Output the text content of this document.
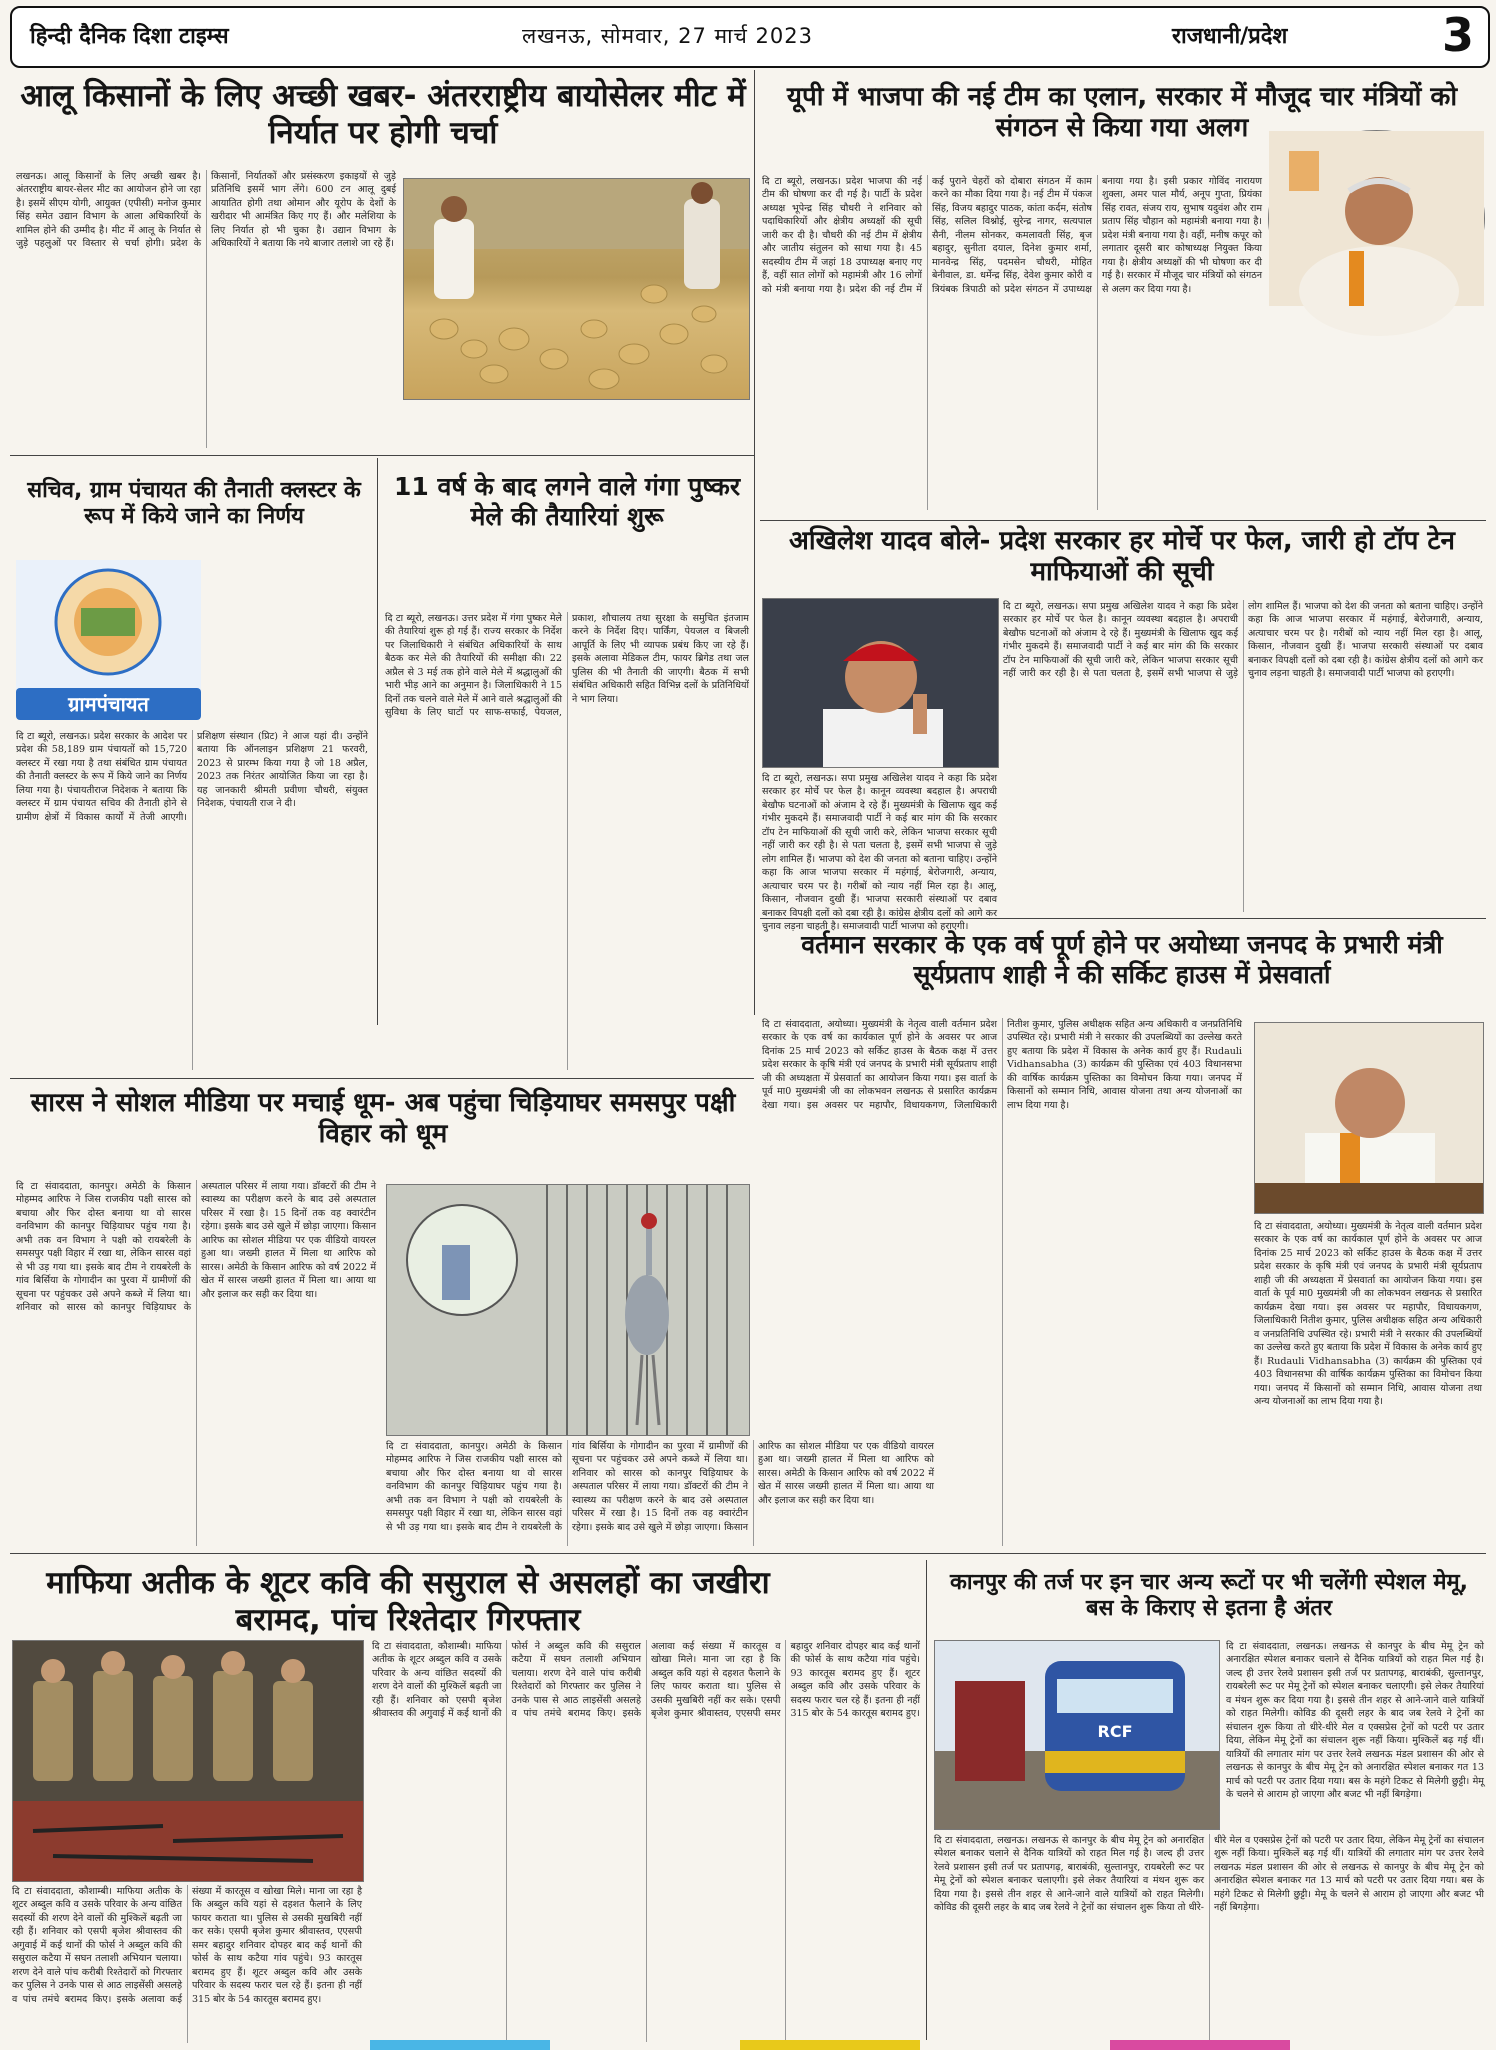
हिन्दी दैनिक दिशा टाइम्स	लखनऊ, सोमवार, 27 मार्च 2023	राजधानी/प्रदेश	3
आलू किसानों के लिए अच्छी खबर- अंतरराष्ट्रीय बायोसेलर मीट में निर्यात पर होगी चर्चा
लखनऊ। आलू किसानों के लिए अच्छी खबर है। अंतरराष्ट्रीय बायर-सेलर मीट का आयोजन होने जा रहा है। इसमें सीएम योगी, आयुक्त (एपीसी) मनोज कुमार सिंह समेत उद्यान विभाग के आला अधिकारियों के शामिल होने की उम्मीद है। मीट में आलू के निर्यात से जुड़े पहलुओं पर विस्तार से चर्चा होगी। प्रदेश के किसानों, निर्यातकों और प्रसंस्करण इकाइयों से जुड़े प्रतिनिधि इसमें भाग लेंगे। 600 टन आलू दुबई आयातित होगी तथा ओमान और यूरोप के देशों के खरीदार भी आमंत्रित किए गए हैं। और मलेशिया के लिए निर्यात हो भी चुका है। उद्यान विभाग के अधिकारियों ने बताया कि नये बाजार तलाशे जा रहे हैं।
सचिव, ग्राम पंचायत की तैनाती क्लस्टर के रूप में किये जाने का निर्णय
ग्रामपंचायत
दि टा ब्यूरो, लखनऊ। प्रदेश सरकार के आदेश पर प्रदेश की 58,189 ग्राम पंचायतों को 15,720 क्लस्टर में रखा गया है तथा संबंधित ग्राम पंचायत की तैनाती क्लस्टर के रूप में किये जाने का निर्णय लिया गया है। पंचायतीराज निदेशक ने बताया कि क्लस्टर में ग्राम पंचायत सचिव की तैनाती होने से ग्रामीण क्षेत्रों में विकास कार्यों में तेजी आएगी। प्रशिक्षण संस्थान (प्रिट) ने आज यहां दी। उन्होंने बताया कि ऑनलाइन प्रशिक्षण 21 फरवरी, 2023 से प्रारम्भ किया गया है जो 18 अप्रैल, 2023 तक निरंतर आयोजित किया जा रहा है। यह जानकारी श्रीमती प्रवीणा चौधरी, संयुक्त निदेशक, पंचायती राज ने दी।
11 वर्ष के बाद लगने वाले गंगा पुष्कर मेले की तैयारियां शुरू
दि टा ब्यूरो, लखनऊ। उत्तर प्रदेश में गंगा पुष्कर मेले की तैयारियां शुरू हो गई हैं। राज्य सरकार के निर्देश पर जिलाधिकारी ने संबंधित अधिकारियों के साथ बैठक कर मेले की तैयारियों की समीक्षा की। 22 अप्रैल से 3 मई तक होने वाले मेले में श्रद्धालुओं की भारी भीड़ आने का अनुमान है। जिलाधिकारी ने 15 दिनों तक चलने वाले मेले में आने वाले श्रद्धालुओं की सुविधा के लिए घाटों पर साफ-सफाई, पेयजल, प्रकाश, शौचालय तथा सुरक्षा के समुचित इंतजाम करने के निर्देश दिए। पार्किंग, पेयजल व बिजली आपूर्ति के लिए भी व्यापक प्रबंध किए जा रहे हैं। इसके अलावा मेडिकल टीम, फायर ब्रिगेड तथा जल पुलिस की भी तैनाती की जाएगी। बैठक में सभी संबंधित अधिकारी सहित विभिन्न दलों के प्रतिनिधियों ने भाग लिया।
यूपी में भाजपा की नई टीम का एलान, सरकार में मौजूद चार मंत्रियों को संगठन से किया गया अलग
दि टा ब्यूरो, लखनऊ। प्रदेश भाजपा की नई टीम की घोषणा कर दी गई है। पार्टी के प्रदेश अध्यक्ष भूपेन्द्र सिंह चौधरी ने शनिवार को पदाधिकारियों और क्षेत्रीय अध्यक्षों की सूची जारी कर दी है। चौधरी की नई टीम में क्षेत्रीय और जातीय संतुलन को साधा गया है। 45 सदस्यीय टीम में जहां 18 उपाध्यक्ष बनाए गए हैं, वहीं सात लोगों को महामंत्री और 16 लोगों को मंत्री बनाया गया है। प्रदेश की नई टीम में कई पुराने चेहरों को दोबारा संगठन में काम करने का मौका दिया गया है। नई टीम में पंकज सिंह, विजय बहादुर पाठक, कांता कर्दम, संतोष सिंह, सलिल विश्नोई, सुरेन्द्र नागर, सत्यपाल सैनी, नीलम सोनकर, कमलावती सिंह, बृज बहादुर, सुनीता दयाल, दिनेश कुमार शर्मा, मानवेन्द्र सिंह, पदमसेन चौधरी, मोहित बेनीवाल, डा. धर्मेन्द्र सिंह, देवेश कुमार कोरी व त्रियंबक त्रिपाठी को प्रदेश संगठन में उपाध्यक्ष बनाया गया है। इसी प्रकार गोविंद नारायण शुक्ला, अमर पाल मौर्य, अनूप गुप्ता, प्रियंका सिंह रावत, संजय राय, सुभाष यदुवंश और राम प्रताप सिंह चौहान को महामंत्री बनाया गया है। प्रदेश मंत्री बनाया गया है। वहीं, मनीष कपूर को लगातार दूसरी बार कोषाध्यक्ष नियुक्त किया गया है। क्षेत्रीय अध्यक्षों की भी घोषणा कर दी गई है। सरकार में मौजूद चार मंत्रियों को संगठन से अलग कर दिया गया है।
अखिलेश यादव बोले- प्रदेश सरकार हर मोर्चे पर फेल, जारी हो टॉप टेन माफियाओं की सूची
दि टा ब्यूरो, लखनऊ। सपा प्रमुख अखिलेश यादव ने कहा कि प्रदेश सरकार हर मोर्चे पर फेल है। कानून व्यवस्था बदहाल है। अपराधी बेखौफ घटनाओं को अंजाम दे रहे हैं। मुख्यमंत्री के खिलाफ खुद कई गंभीर मुकदमे हैं। समाजवादी पार्टी ने कई बार मांग की कि सरकार टॉप टेन माफियाओं की सूची जारी करे, लेकिन भाजपा सरकार सूची नहीं जारी कर रही है। से पता चलता है, इसमें सभी भाजपा से जुड़े लोग शामिल हैं। भाजपा को देश की जनता को बताना चाहिए। उन्होंने कहा कि आज भाजपा सरकार में महंगाई, बेरोजगारी, अन्याय, अत्याचार चरम पर है। गरीबों को न्याय नहीं मिल रहा है। आलू, किसान, नौजवान दुखी हैं। भाजपा सरकारी संस्थाओं पर दबाव बनाकर विपक्षी दलों को दबा रही है। कांग्रेस क्षेत्रीय दलों को आगे कर चुनाव लड़ना चाहती है। समाजवादी पार्टी भाजपा को हराएगी।
दि टा ब्यूरो, लखनऊ। सपा प्रमुख अखिलेश यादव ने कहा कि प्रदेश सरकार हर मोर्चे पर फेल है। कानून व्यवस्था बदहाल है। अपराधी बेखौफ घटनाओं को अंजाम दे रहे हैं। मुख्यमंत्री के खिलाफ खुद कई गंभीर मुकदमे हैं। समाजवादी पार्टी ने कई बार मांग की कि सरकार टॉप टेन माफियाओं की सूची जारी करे, लेकिन भाजपा सरकार सूची नहीं जारी कर रही है। से पता चलता है, इसमें सभी भाजपा से जुड़े लोग शामिल हैं। भाजपा को देश की जनता को बताना चाहिए। उन्होंने कहा कि आज भाजपा सरकार में महंगाई, बेरोजगारी, अन्याय, अत्याचार चरम पर है। गरीबों को न्याय नहीं मिल रहा है। आलू, किसान, नौजवान दुखी हैं। भाजपा सरकारी संस्थाओं पर दबाव बनाकर विपक्षी दलों को दबा रही है। कांग्रेस क्षेत्रीय दलों को आगे कर चुनाव लड़ना चाहती है। समाजवादी पार्टी भाजपा को हराएगी।
वर्तमान सरकार के एक वर्ष पूर्ण होने पर अयोध्या जनपद के प्रभारी मंत्री सूर्यप्रताप शाही ने की सर्किट हाउस में प्रेसवार्ता
दि टा संवाददाता, अयोध्या। मुख्यमंत्री के नेतृत्व वाली वर्तमान प्रदेश सरकार के एक वर्ष का कार्यकाल पूर्ण होने के अवसर पर आज दिनांक 25 मार्च 2023 को सर्किट हाउस के बैठक कक्ष में उत्तर प्रदेश सरकार के कृषि मंत्री एवं जनपद के प्रभारी मंत्री सूर्यप्रताप शाही जी की अध्यक्षता में प्रेसवार्ता का आयोजन किया गया। इस वार्ता के पूर्व मा0 मुख्यमंत्री जी का लोकभवन लखनऊ से प्रसारित कार्यक्रम देखा गया। इस अवसर पर महापौर, विधायकगण, जिलाधिकारी नितीश कुमार, पुलिस अधीक्षक सहित अन्य अधिकारी व जनप्रतिनिधि उपस्थित रहे। प्रभारी मंत्री ने सरकार की उपलब्धियों का उल्लेख करते हुए बताया कि प्रदेश में विकास के अनेक कार्य हुए हैं। Rudauli Vidhansabha (3) कार्यक्रम की पुस्तिका एवं 403 विधानसभा की वार्षिक कार्यक्रम पुस्तिका का विमोचन किया गया। जनपद में किसानों को सम्मान निधि, आवास योजना तथा अन्य योजनाओं का लाभ दिया गया है।
दि टा संवाददाता, अयोध्या। मुख्यमंत्री के नेतृत्व वाली वर्तमान प्रदेश सरकार के एक वर्ष का कार्यकाल पूर्ण होने के अवसर पर आज दिनांक 25 मार्च 2023 को सर्किट हाउस के बैठक कक्ष में उत्तर प्रदेश सरकार के कृषि मंत्री एवं जनपद के प्रभारी मंत्री सूर्यप्रताप शाही जी की अध्यक्षता में प्रेसवार्ता का आयोजन किया गया। इस वार्ता के पूर्व मा0 मुख्यमंत्री जी का लोकभवन लखनऊ से प्रसारित कार्यक्रम देखा गया। इस अवसर पर महापौर, विधायकगण, जिलाधिकारी नितीश कुमार, पुलिस अधीक्षक सहित अन्य अधिकारी व जनप्रतिनिधि उपस्थित रहे। प्रभारी मंत्री ने सरकार की उपलब्धियों का उल्लेख करते हुए बताया कि प्रदेश में विकास के अनेक कार्य हुए हैं। Rudauli Vidhansabha (3) कार्यक्रम की पुस्तिका एवं 403 विधानसभा की वार्षिक कार्यक्रम पुस्तिका का विमोचन किया गया। जनपद में किसानों को सम्मान निधि, आवास योजना तथा अन्य योजनाओं का लाभ दिया गया है।
सारस ने सोशल मीडिया पर मचाई धूम- अब पहुंचा चिड़ियाघर समसपुर पक्षी विहार को धूम
दि टा संवाददाता, कानपुर। अमेठी के किसान मोहम्मद आरिफ ने जिस राजकीय पक्षी सारस को बचाया और फिर दोस्त बनाया था वो सारस वनविभाग की कानपुर चिड़ियाघर पहुंच गया है। अभी तक वन विभाग ने पक्षी को रायबरेली के समसपुर पक्षी विहार में रखा था, लेकिन सारस वहां से भी उड़ गया था। इसके बाद टीम ने रायबरेली के गांव बिर्सिया के गोगादीन का पुरवा में ग्रामीणों की सूचना पर पहुंचकर उसे अपने कब्जे में लिया था। शनिवार को सारस को कानपुर चिड़ियाघर के अस्पताल परिसर में लाया गया। डॉक्टरों की टीम ने स्वास्थ्य का परीक्षण करने के बाद उसे अस्पताल परिसर में रखा है। 15 दिनों तक वह क्वारंटीन रहेगा। इसके बाद उसे खुले में छोड़ा जाएगा। किसान आरिफ का सोशल मीडिया पर एक वीडियो वायरल हुआ था। जख्मी हालत में मिला था आरिफ को सारस। अमेठी के किसान आरिफ को वर्ष 2022 में खेत में सारस जख्मी हालत में मिला था। आया था और इलाज कर सही कर दिया था।
दि टा संवाददाता, कानपुर। अमेठी के किसान मोहम्मद आरिफ ने जिस राजकीय पक्षी सारस को बचाया और फिर दोस्त बनाया था वो सारस वनविभाग की कानपुर चिड़ियाघर पहुंच गया है। अभी तक वन विभाग ने पक्षी को रायबरेली के समसपुर पक्षी विहार में रखा था, लेकिन सारस वहां से भी उड़ गया था। इसके बाद टीम ने रायबरेली के गांव बिर्सिया के गोगादीन का पुरवा में ग्रामीणों की सूचना पर पहुंचकर उसे अपने कब्जे में लिया था। शनिवार को सारस को कानपुर चिड़ियाघर के अस्पताल परिसर में लाया गया। डॉक्टरों की टीम ने स्वास्थ्य का परीक्षण करने के बाद उसे अस्पताल परिसर में रखा है। 15 दिनों तक वह क्वारंटीन रहेगा। इसके बाद उसे खुले में छोड़ा जाएगा। किसान आरिफ का सोशल मीडिया पर एक वीडियो वायरल हुआ था। जख्मी हालत में मिला था आरिफ को सारस। अमेठी के किसान आरिफ को वर्ष 2022 में खेत में सारस जख्मी हालत में मिला था। आया था और इलाज कर सही कर दिया था।
माफिया अतीक के शूटर कवि की ससुराल से असलहों का जखीरा बरामद, पांच रिश्तेदार गिरफ्तार
दि टा संवाददाता, कौशाम्बी। माफिया अतीक के शूटर अब्दुल कवि व उसके परिवार के अन्य वांछित सदस्यों की शरण देने वालों की मुश्किलें बढ़ती जा रही हैं। शनिवार को एसपी बृजेश श्रीवास्तव की अगुवाई में कई थानों की फोर्स ने अब्दुल कवि की ससुराल कटैया में सघन तलाशी अभियान चलाया। शरण देने वाले पांच करीबी रिश्तेदारों को गिरफ्तार कर पुलिस ने उनके पास से आठ लाइसेंसी असलहे व पांच तमंचे बरामद किए। इसके अलावा कई संख्या में कारतूस व खोखा मिले। माना जा रहा है कि अब्दुल कवि यहां से दहशत फैलाने के लिए फायर कराता था। पुलिस से उसकी मुखबिरी नहीं कर सके। एसपी बृजेश कुमार श्रीवास्तव, एएसपी समर बहादुर शनिवार दोपहर बाद कई थानों की फोर्स के साथ कटैया गांव पहुंचे। 93 कारतूस बरामद हुए हैं। शूटर अब्दुल कवि और उसके परिवार के सदस्य फरार चल रहे हैं। इतना ही नहीं 315 बोर के 54 कारतूस बरामद हुए।
दि टा संवाददाता, कौशाम्बी। माफिया अतीक के शूटर अब्दुल कवि व उसके परिवार के अन्य वांछित सदस्यों की शरण देने वालों की मुश्किलें बढ़ती जा रही हैं। शनिवार को एसपी बृजेश श्रीवास्तव की अगुवाई में कई थानों की फोर्स ने अब्दुल कवि की ससुराल कटैया में सघन तलाशी अभियान चलाया। शरण देने वाले पांच करीबी रिश्तेदारों को गिरफ्तार कर पुलिस ने उनके पास से आठ लाइसेंसी असलहे व पांच तमंचे बरामद किए। इसके अलावा कई संख्या में कारतूस व खोखा मिले। माना जा रहा है कि अब्दुल कवि यहां से दहशत फैलाने के लिए फायर कराता था। पुलिस से उसकी मुखबिरी नहीं कर सके। एसपी बृजेश कुमार श्रीवास्तव, एएसपी समर बहादुर शनिवार दोपहर बाद कई थानों की फोर्स के साथ कटैया गांव पहुंचे। 93 कारतूस बरामद हुए हैं। शूटर अब्दुल कवि और उसके परिवार के सदस्य फरार चल रहे हैं। इतना ही नहीं 315 बोर के 54 कारतूस बरामद हुए।
कानपुर की तर्ज पर इन चार अन्य रूटों पर भी चलेंगी स्पेशल मेमू, बस के किराए से इतना है अंतर
RCF
दि टा संवाददाता, लखनऊ। लखनऊ से कानपुर के बीच मेमू ट्रेन को अनारक्षित स्पेशल बनाकर चलाने से दैनिक यात्रियों को राहत मिल गई है। जल्द ही उत्तर रेलवे प्रशासन इसी तर्ज पर प्रतापगढ़, बाराबंकी, सुल्तानपुर, रायबरेली रूट पर मेमू ट्रेनों को स्पेशल बनाकर चलाएगी। इसे लेकर तैयारियां व मंथन शुरू कर दिया गया है। इससे तीन शहर से आने-जाने वाले यात्रियों को राहत मिलेगी। कोविड की दूसरी लहर के बाद जब रेलवे ने ट्रेनों का संचालन शुरू किया तो धीरे-धीरे मेल व एक्सप्रेस ट्रेनों को पटरी पर उतार दिया, लेकिन मेमू ट्रेनों का संचालन शुरू नहीं किया। मुश्किलें बढ़ गई थीं। यात्रियों की लगातार मांग पर उत्तर रेलवे लखनऊ मंडल प्रशासन की ओर से लखनऊ से कानपुर के बीच मेमू ट्रेन को अनारक्षित स्पेशल बनाकर गत 13 मार्च को पटरी पर उतार दिया गया। बस के महंगे टिकट से मिलेगी छुट्टी। मेमू के चलने से आराम हो जाएगा और बजट भी नहीं बिगड़ेगा।
दि टा संवाददाता, लखनऊ। लखनऊ से कानपुर के बीच मेमू ट्रेन को अनारक्षित स्पेशल बनाकर चलाने से दैनिक यात्रियों को राहत मिल गई है। जल्द ही उत्तर रेलवे प्रशासन इसी तर्ज पर प्रतापगढ़, बाराबंकी, सुल्तानपुर, रायबरेली रूट पर मेमू ट्रेनों को स्पेशल बनाकर चलाएगी। इसे लेकर तैयारियां व मंथन शुरू कर दिया गया है। इससे तीन शहर से आने-जाने वाले यात्रियों को राहत मिलेगी। कोविड की दूसरी लहर के बाद जब रेलवे ने ट्रेनों का संचालन शुरू किया तो धीरे-धीरे मेल व एक्सप्रेस ट्रेनों को पटरी पर उतार दिया, लेकिन मेमू ट्रेनों का संचालन शुरू नहीं किया। मुश्किलें बढ़ गई थीं। यात्रियों की लगातार मांग पर उत्तर रेलवे लखनऊ मंडल प्रशासन की ओर से लखनऊ से कानपुर के बीच मेमू ट्रेन को अनारक्षित स्पेशल बनाकर गत 13 मार्च को पटरी पर उतार दिया गया। बस के महंगे टिकट से मिलेगी छुट्टी। मेमू के चलने से आराम हो जाएगा और बजट भी नहीं बिगड़ेगा।
